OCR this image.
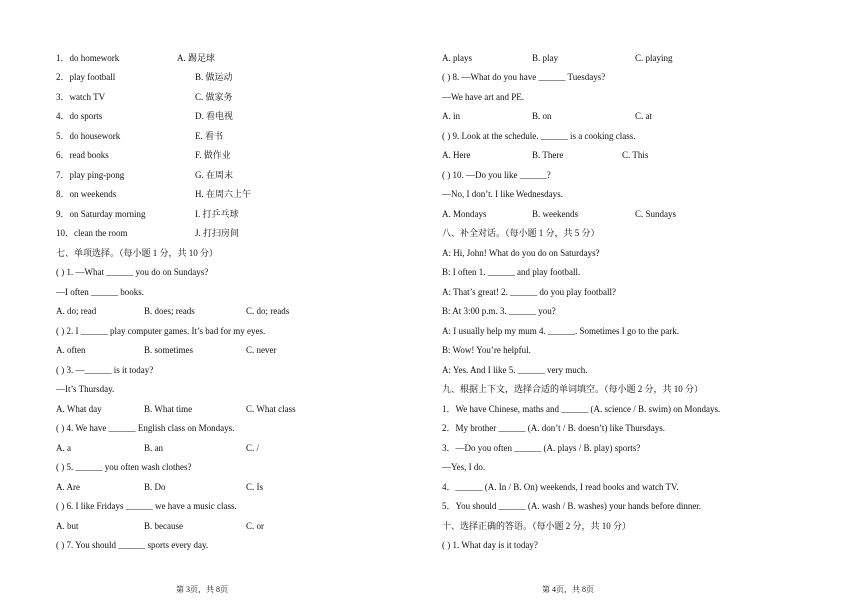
1．do homework	A. 踢足球
2．play football	B. 做运动
3．watch TV	C. 做家务
4．do sports	D. 看电视
5．do housework	E. 看书
6．read books	F. 做作业
7．play ping-pong	G. 在周末
8．on weekends	H. 在周六上午
9．on Saturday morning	I. 打乒乓球
10．clean the room	J. 打扫房间
七、单项选择。（每小题 1 分，共 10 分）
( ) 1. —What ______ you do on Sundays?
—I often ______ books.
A. do; read	B. does; reads	C. do; reads
( ) 2. I ______ play computer games. It’s bad for my eyes.
A. often	B. sometimes	C. never
( ) 3. —______ is it today?
—It’s Thursday.
A. What day	B. What time	C. What class
( ) 4. We have ______ English class on Mondays.
A. a	B. an	C. /
( ) 5. ______ you often wash clothes?
A. Are	B. Do	C. Is
( ) 6. I like Fridays ______ we have a music class.
A. but	B. because	C. or
( ) 7. You should ______ sports every day.
第 3页，共 8页
A. plays	B. play	C. playing
( ) 8. —What do you have ______ Tuesdays?
—We have art and PE.
A. in	B. on	C. at
( ) 9. Look at the schedule. ______ is a cooking class.
A. Here	B. There	C. This
( ) 10. —Do you like ______?
—No, I don’t. I like Wednesdays.
A. Mondays	B. weekends	C. Sundays
八、补全对话。（每小题 1 分，共 5 分）
A: Hi, John! What do you do on Saturdays?
B: I often 1. ______ and play football.
A: That’s great! 2. ______ do you play football?
B: At 3:00 p.m. 3. ______ you?
A: I usually help my mum 4. ______. Sometimes I go to the park.
B: Wow! You’re helpful.
A: Yes. And I like 5. ______ very much.
九、根据上下文，选择合适的单词填空。（每小题 2 分，共 10 分）
1．We have Chinese, maths and ______ (A. science / B. swim) on Mondays.
2．My brother ______ (A. don’t / B. doesn’t) like Thursdays.
3．—Do you often ______ (A. plays / B. play) sports?
—Yes, I do.
4．______ (A. In / B. On) weekends, I read books and watch TV.
5．You should ______ (A. wash / B. washes) your hands before dinner.
十、选择正确的答语。（每小题 2 分，共 10 分）
( ) 1. What day is it today?
第 4页，共 8页
